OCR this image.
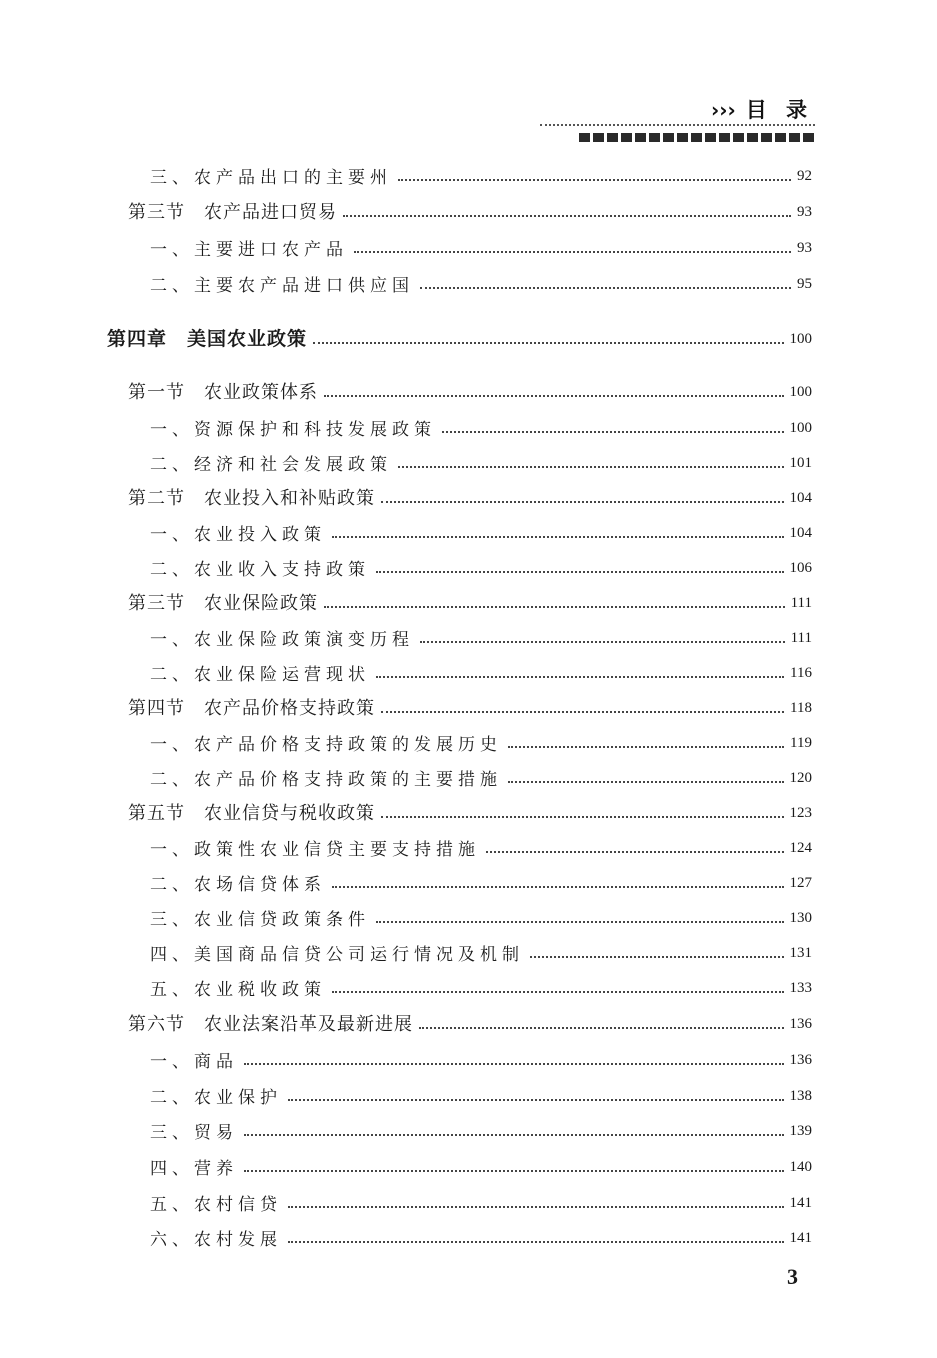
››› 目 录
三、农产品出口的主要州	92
第三节　农产品进口贸易	93
一、主要进口农产品	93
二、主要农产品进口供应国	95
第四章　美国农业政策	100
第一节　农业政策体系	100
一、资源保护和科技发展政策	100
二、经济和社会发展政策	101
第二节　农业投入和补贴政策	104
一、农业投入政策	104
二、农业收入支持政策	106
第三节　农业保险政策	111
一、农业保险政策演变历程	111
二、农业保险运营现状	116
第四节　农产品价格支持政策	118
一、农产品价格支持政策的发展历史	119
二、农产品价格支持政策的主要措施	120
第五节　农业信贷与税收政策	123
一、政策性农业信贷主要支持措施	124
二、农场信贷体系	127
三、农业信贷政策条件	130
四、美国商品信贷公司运行情况及机制	131
五、农业税收政策	133
第六节　农业法案沿革及最新进展	136
一、商品	136
二、农业保护	138
三、贸易	139
四、营养	140
五、农村信贷	141
六、农村发展	141
3
